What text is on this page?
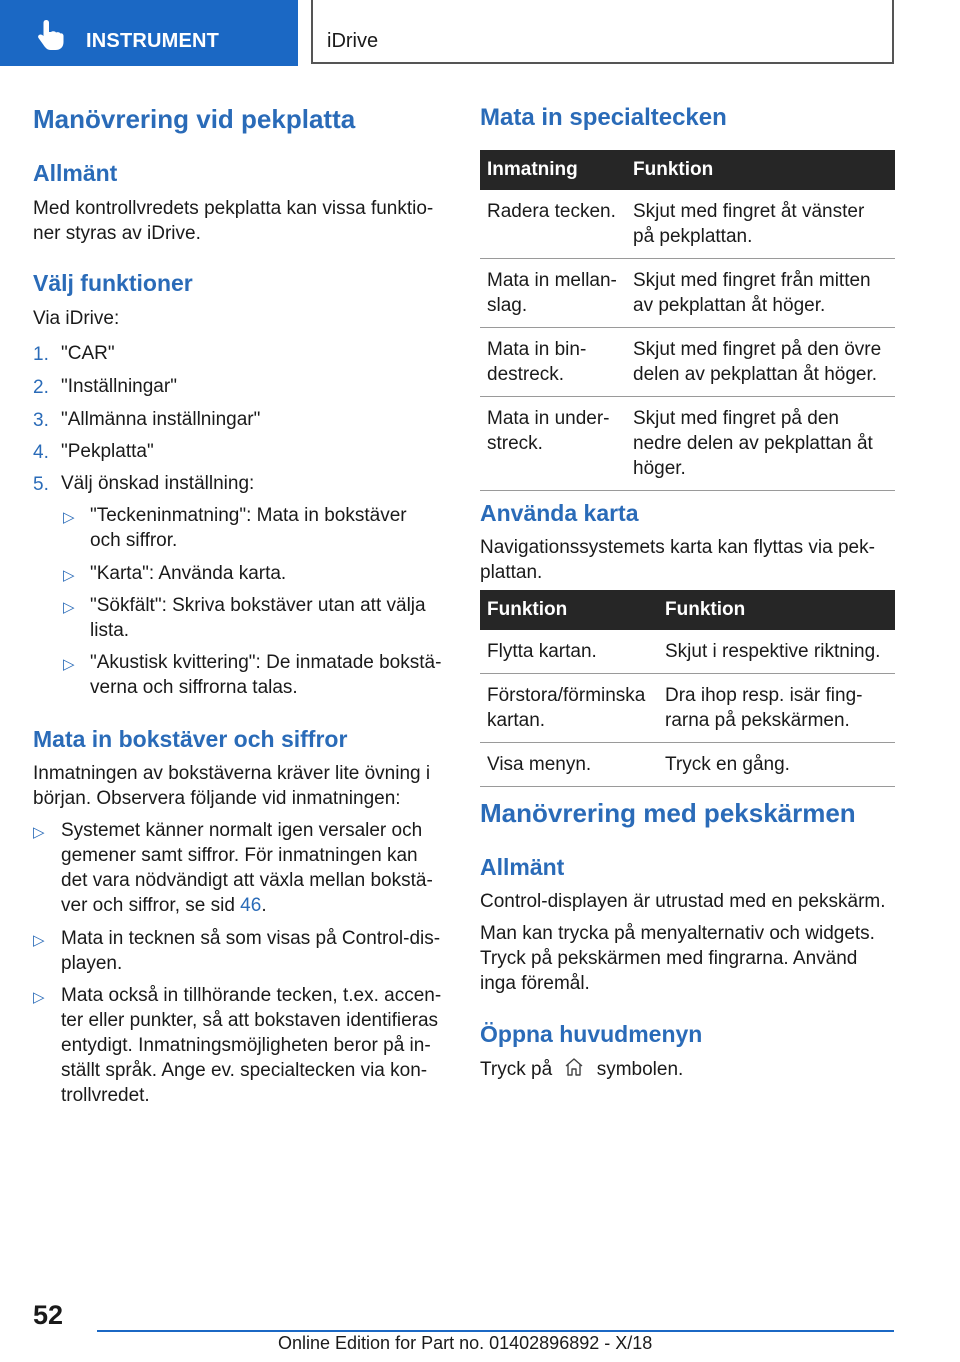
INSTRUMENT	iDrive
Manövrering vid pekplatta
Allmänt
Med kontrollvredets pekplatta kan vissa funktio-
ner styras av iDrive.
Välj funktioner
Via iDrive:
1. "CAR"
2. "Inställningar"
3. "Allmänna inställningar"
4. "Pekplatta"
5. Välj önskad inställning:
▷ "Teckeninmatning": Mata in bokstäver
och siffror.
▷ "Karta": Använda karta.
▷ "Sökfält": Skriva bokstäver utan att välja
lista.
▷ "Akustisk kvittering": De inmatade bokstä-
verna och siffrorna talas.
Mata in bokstäver och siffror
Inmatningen av bokstäverna kräver lite övning i
början. Observera följande vid inmatningen:
▷ Systemet känner normalt igen versaler och
gemener samt siffror. För inmatningen kan
det vara nödvändigt att växla mellan bokstä-
ver och siffror, se sid 46.
▷ Mata in tecknen så som visas på Control-dis-
playen.
▷ Mata också in tillhörande tecken, t.ex. accen-
ter eller punkter, så att bokstaven identifieras
entydigt. Inmatningsmöjligheten beror på in-
ställt språk. Ange ev. specialtecken via kon-
trollvredet.
Mata in specialtecken
Inmatning	Funktion
Radera tecken.	Skjut med fingret åt vänster
på pekplattan.
Mata in mellan-
slag.	Skjut med fingret från mitten
av pekplattan åt höger.
Mata in bin-
destreck.	Skjut med fingret på den övre
delen av pekplattan åt höger.
Mata in under-
streck.	Skjut med fingret på den
nedre delen av pekplattan åt
höger.
Använda karta
Navigationssystemets karta kan flyttas via pek-
plattan.
Funktion	Funktion
Flytta kartan.	Skjut i respektive riktning.
Förstora/förminska
kartan.	Dra ihop resp. isär fing-
rarna på pekskärmen.
Visa menyn.	Tryck en gång.
Manövrering med pekskärmen
Allmänt
Control-displayen är utrustad med en pekskärm.
Man kan trycka på menyalternativ och widgets.
Tryck på pekskärmen med fingrarna. Använd
inga föremål.
Öppna huvudmenyn
Tryck på symbolen.
52
Online Edition for Part no. 01402896892 - X/18
